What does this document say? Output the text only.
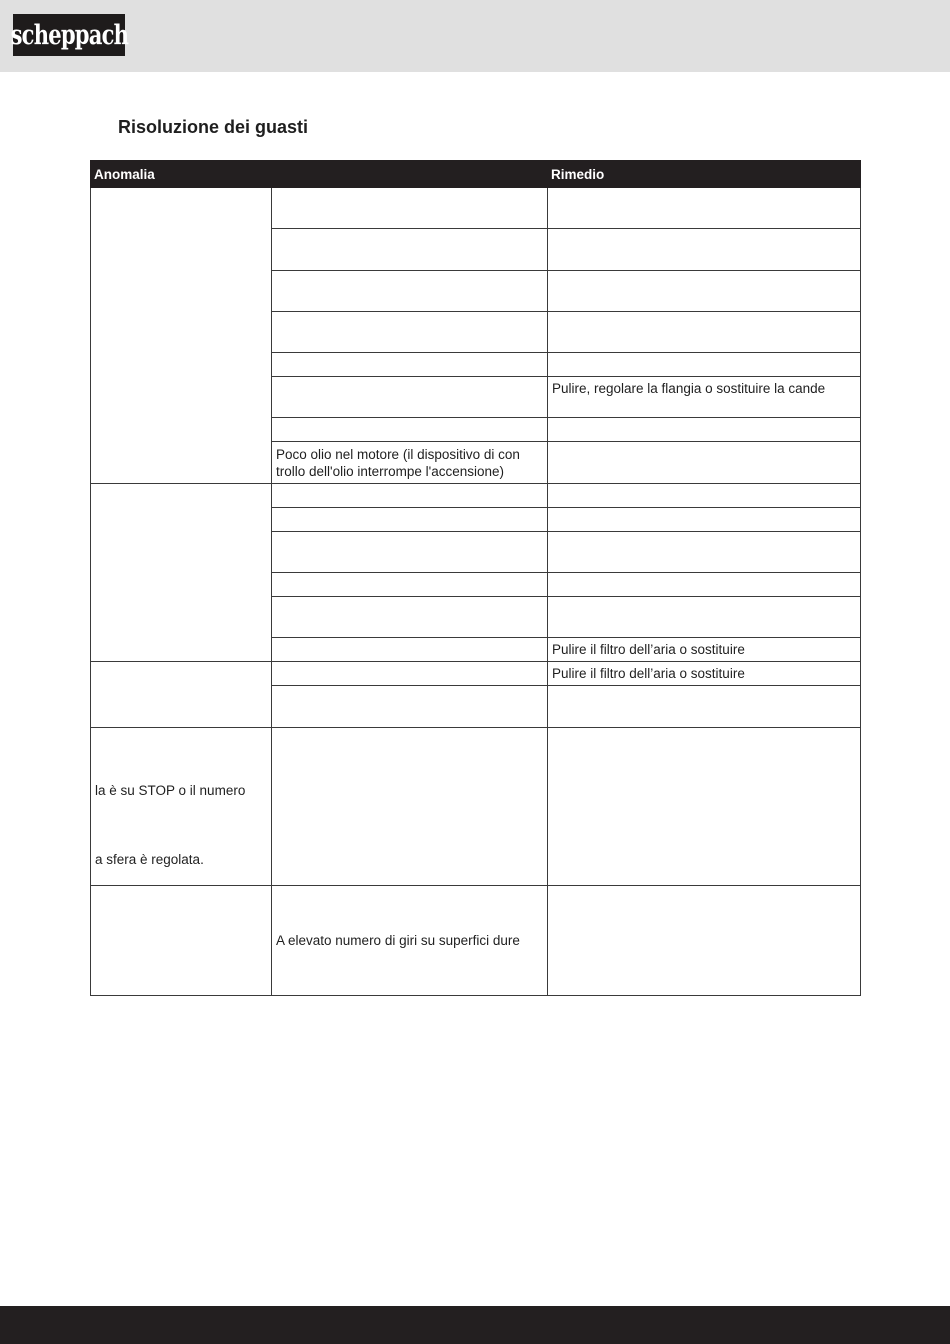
scheppach
Risoluzione dei guasti
Anomalia		Rimedio

		Pulire, regolare la flangia o sostituire la cande

	Poco olio nel motore (il dispositivo di con
trollo dell'olio interrompe l'accensione)	

		Pulire il filtro dell’aria o sostituire
		Pulire il filtro dell’aria o sostituire

la è su STOP o il numero

a sfera è regolata.		

	A elevato numero di giri su superfici dure	
